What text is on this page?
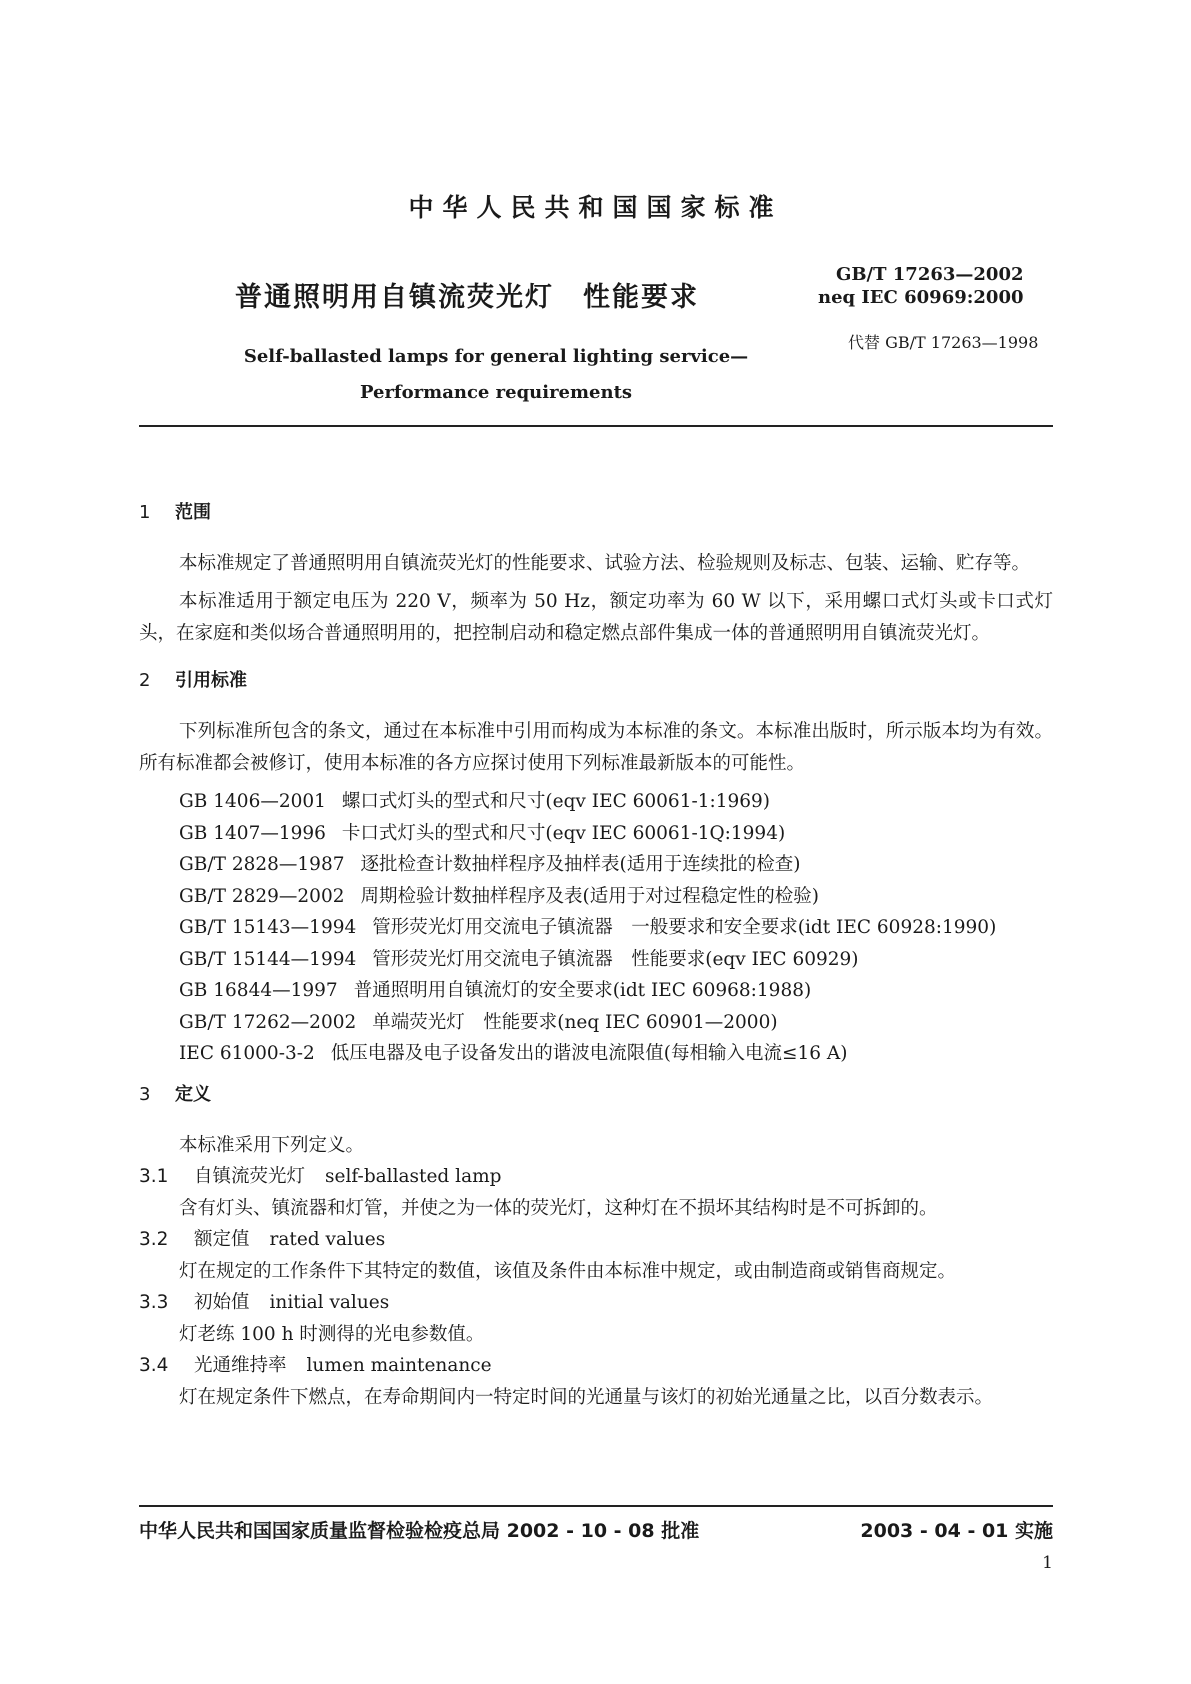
中华人民共和国国家标准
普通照明用自镇流荧光灯　性能要求
GB/T 17263—2002
neq IEC 60969:2000
代替 GB/T 17263—1998
Self-ballasted lamps for general lighting service—
Performance requirements
1 范围

本标准规定了普通照明用自镇流荧光灯的性能要求、试验方法、检验规则及标志、包装、运输、贮存等。

本标准适用于额定电压为 220 V，频率为 50 Hz，额定功率为 60 W 以下，采用螺口式灯头或卡口式灯头，在家庭和类似场合普通照明用的，把控制启动和稳定燃点部件集成一体的普通照明用自镇流荧光灯。

2 引用标准

下列标准所包含的条文，通过在本标准中引用而构成为本标准的条文。本标准出版时，所示版本均为有效。所有标准都会被修订，使用本标准的各方应探讨使用下列标准最新版本的可能性。

GB 1406—2001 螺口式灯头的型式和尺寸(eqv IEC 60061-1:1969)
GB 1407—1996 卡口式灯头的型式和尺寸(eqv IEC 60061-1Q:1994)
GB/T 2828—1987 逐批检查计数抽样程序及抽样表(适用于连续批的检查)
GB/T 2829—2002 周期检验计数抽样程序及表(适用于对过程稳定性的检验)
GB/T 15143—1994 管形荧光灯用交流电子镇流器　一般要求和安全要求(idt IEC 60928:1990)
GB/T 15144—1994 管形荧光灯用交流电子镇流器　性能要求(eqv IEC 60929)
GB 16844—1997 普通照明用自镇流灯的安全要求(idt IEC 60968:1988)
GB/T 17262—2002 单端荧光灯　性能要求(neq IEC 60901—2000)
IEC 61000-3-2 低压电器及电子设备发出的谐波电流限值(每相输入电流≤16 A)
3 定义
本标准采用下列定义。
3.1 自镇流荧光灯 self-ballasted lamp
含有灯头、镇流器和灯管，并使之为一体的荧光灯，这种灯在不损坏其结构时是不可拆卸的。
3.2 额定值 rated values
灯在规定的工作条件下其特定的数值，该值及条件由本标准中规定，或由制造商或销售商规定。
3.3 初始值 initial values
灯老练 100 h 时测得的光电参数值。
3.4 光通维持率 lumen maintenance
灯在规定条件下燃点，在寿命期间内一特定时间的光通量与该灯的初始光通量之比，以百分数表示。
中华人民共和国国家质量监督检验检疫总局 2002 - 10 - 08 批准	2003 - 04 - 01 实施
1
